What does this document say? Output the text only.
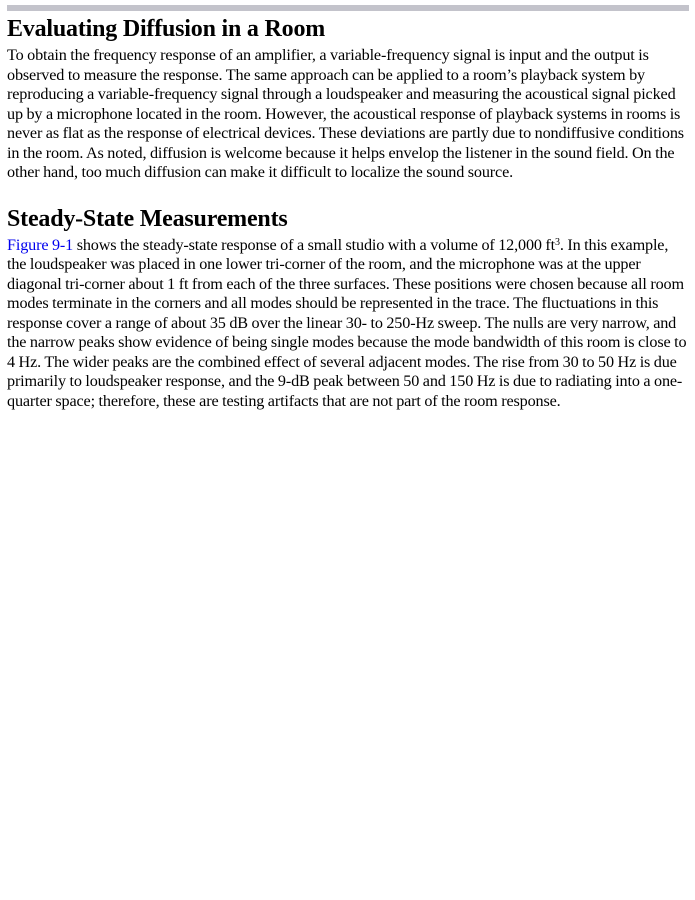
Evaluating Diffusion in a Room

To obtain the frequency response of an amplifier, a variable-frequency signal is input and the output is observed to measure the response. The same approach can be applied to a room’s playback system by reproducing a variable-frequency signal through a loudspeaker and measuring the acoustical signal picked up by a microphone located in the room. However, the acoustical response of playback systems in rooms is never as flat as the response of electrical devices. These deviations are partly due to nondiffusive conditions in the room. As noted, diffusion is welcome because it helps envelop the listener in the sound field. On the other hand, too much diffusion can make it difficult to localize the sound source.

Steady-State Measurements

Figure 9-1 shows the steady-state response of a small studio with a volume of 12,000 $ft^3$. In this example, the loudspeaker was placed in one lower tri-corner of the room, and the microphone was at the upper diagonal tri-corner about 1 ft from each of the three surfaces. These positions were chosen because all room modes terminate in the corners and all modes should be represented in the trace. The fluctuations in this response cover a range of about 35 dB over the linear 30- to 250-Hz sweep. The nulls are very narrow, and the narrow peaks show evidence of being single modes because the mode bandwidth of this room is close to 4 Hz. The wider peaks are the combined effect of several adjacent modes. The rise from 30 to 50 Hz is due primarily to loudspeaker response, and the 9-dB peak between 50 and 150 Hz is due to radiating into a one-quarter space; therefore, these are testing artifacts that are not part of the room response.
